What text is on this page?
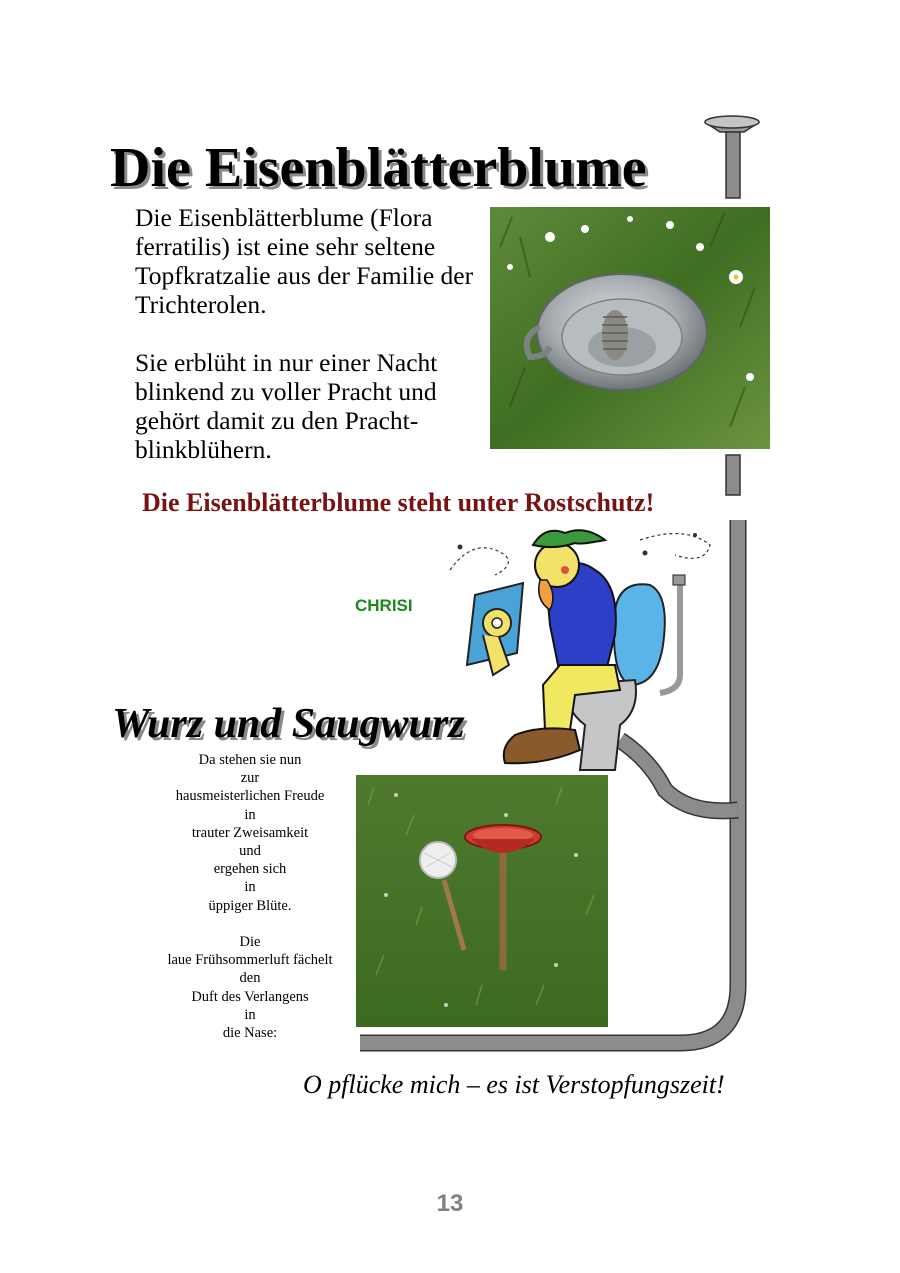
Die Eisenblätterblume

Die Eisenblätterblume (Flora ferratilis) ist eine sehr seltene Topfkratzalie aus der Familie der Trichterolen.

Sie erblüht in nur einer Nacht blinkend zu voller Pracht und gehört damit zu den Pracht-blinkblühern.

Die Eisenblätterblume steht unter Rostschutz!
CHRISI
Wurz und Saugwurz
Da stehen sie nun
zur
hausmeisterlichen Freude
in
trauter Zweisamkeit
und
ergehen sich
in
üppiger Blüte.
Die
laue Frühsommerluft fächelt
den
Duft des Verlangens
in
die Nase:

O pflücke mich – es ist Verstopfungszeit!

13
